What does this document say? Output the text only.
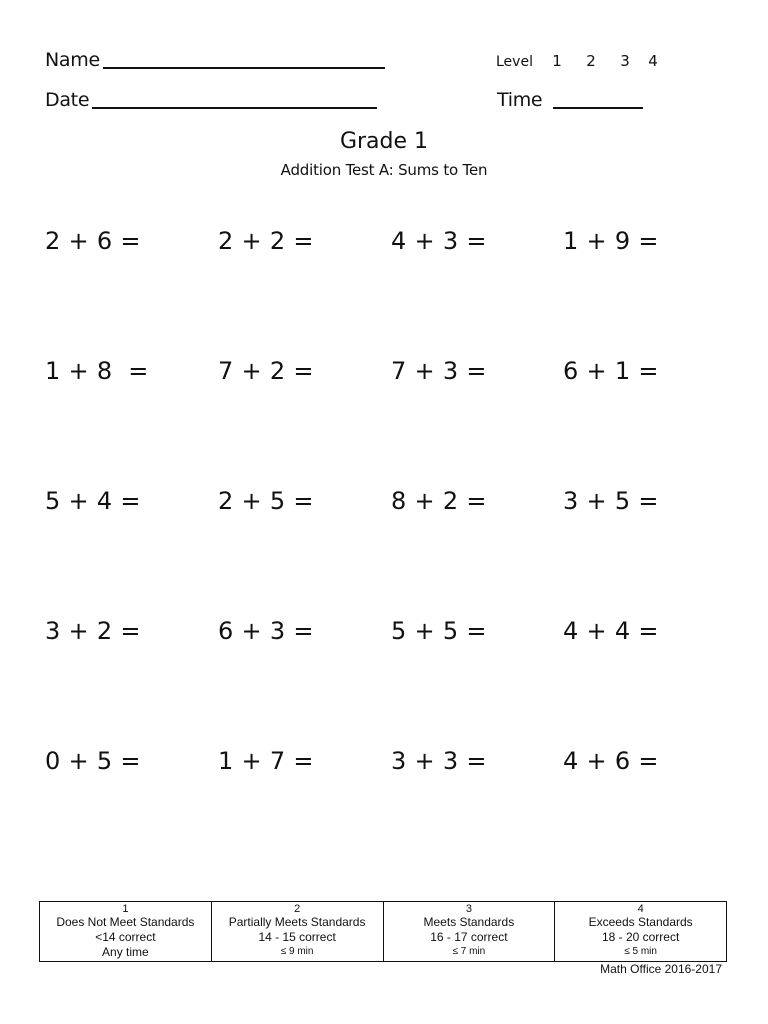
Name
Date
Level 1 2 3 4
Time
Grade 1
Addition Test A: Sums to Ten
2 + 6 =	2 + 2 =	4 + 3 =	1 + 9 =
1 + 8  =	7 + 2 =	7 + 3 =	6 + 1 =
5 + 4 =	2 + 5 =	8 + 2 =	3 + 5 =
3 + 2 =	6 + 3 =	5 + 5 =	4 + 4 =
0 + 5 =	1 + 7 =	3 + 3 =	4 + 6 =
1
Does Not Meet Standards
<14 correct
Any time

2
Partially Meets Standards
14 - 15 correct
≤ 9 min

3
Meets Standards
16 - 17 correct
≤ 7 min

4
Exceeds Standards
18 - 20 correct
≤ 5 min
Math Office 2016-2017
